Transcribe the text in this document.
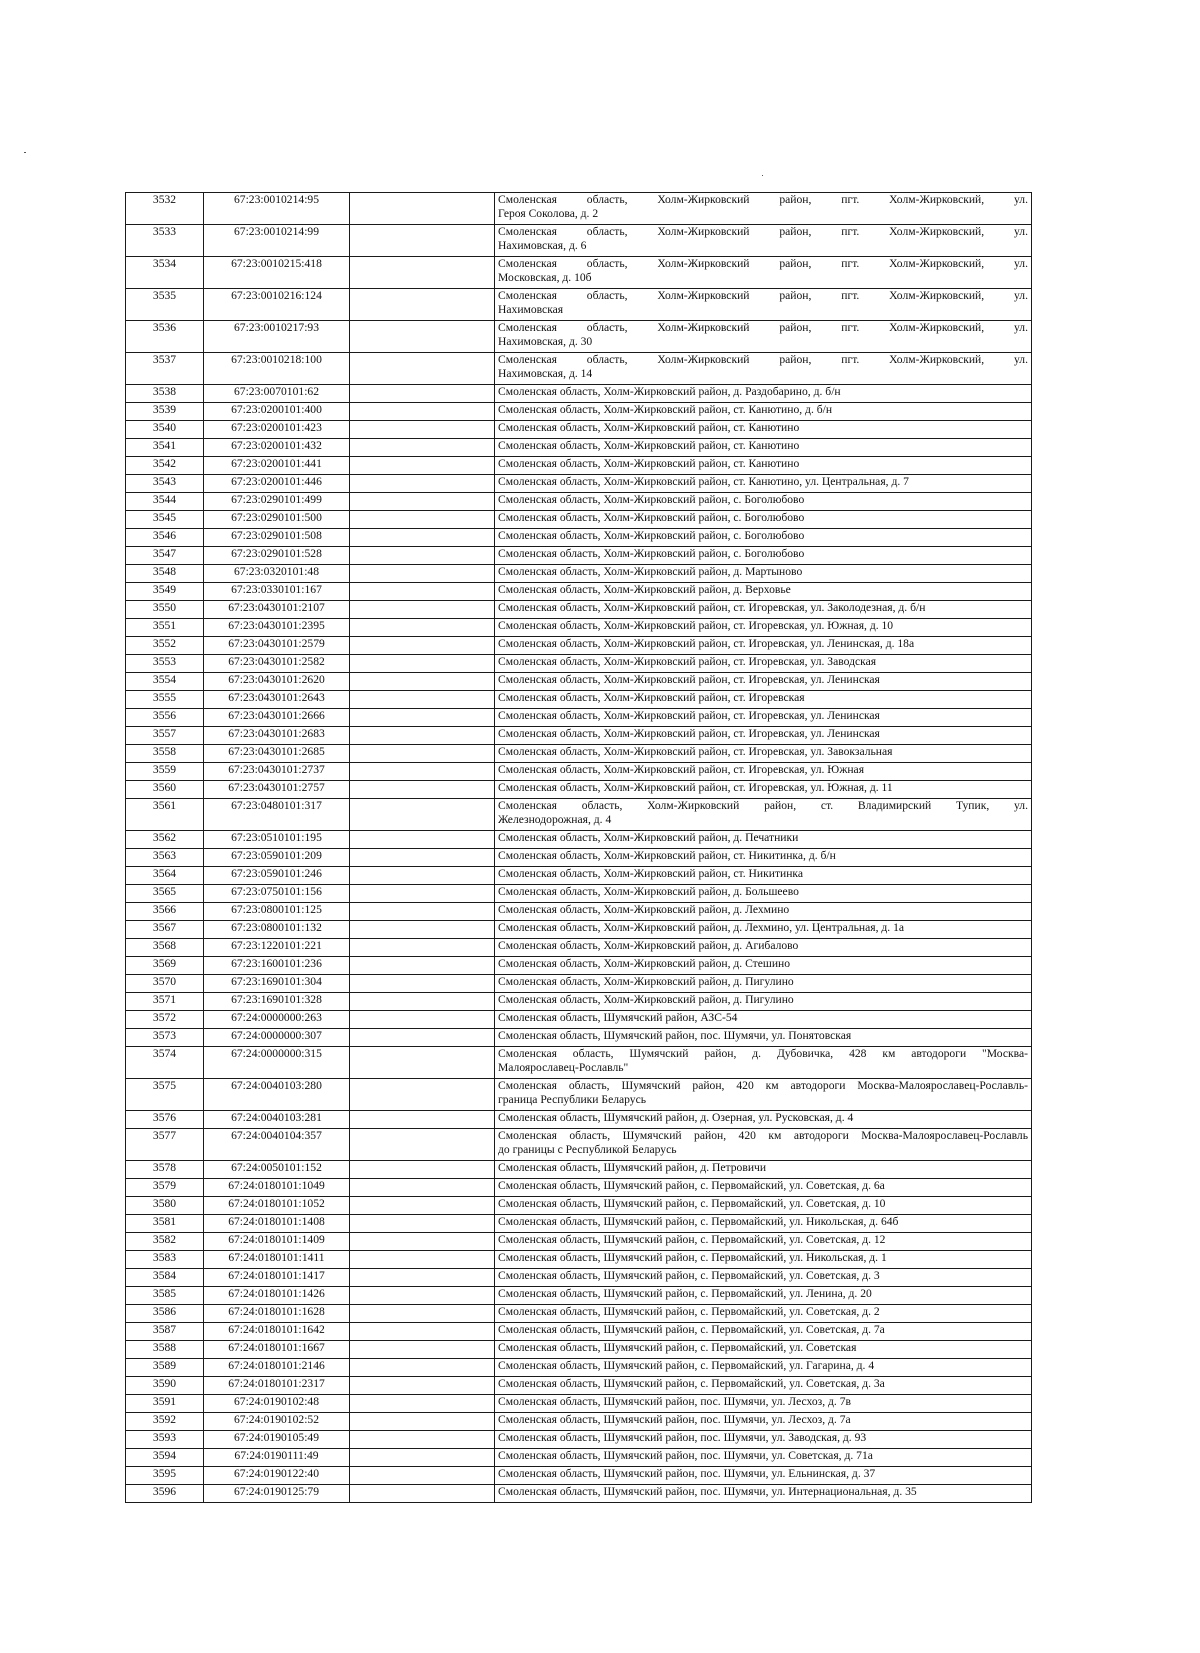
3532	67:23:0010214:95		Смоленская область, Холм-Жирковский район, пгт. Холм-Жирковский, ул.
Героя Соколова, д. 2

3533	67:23:0010214:99		Смоленская область, Холм-Жирковский район, пгт. Холм-Жирковский, ул.
Нахимовская, д. 6

3534	67:23:0010215:418		Смоленская область, Холм-Жирковский район, пгт. Холм-Жирковский, ул.
Московская, д. 10б

3535	67:23:0010216:124		Смоленская область, Холм-Жирковский район, пгт. Холм-Жирковский, ул.
Нахимовская

3536	67:23:0010217:93		Смоленская область, Холм-Жирковский район, пгт. Холм-Жирковский, ул.
Нахимовская, д. 30

3537	67:23:0010218:100		Смоленская область, Холм-Жирковский район, пгт. Холм-Жирковский, ул.
Нахимовская, д. 14

3538	67:23:0070101:62		Смоленская область, Холм-Жирковский район, д. Раздобарино, д. б/н
3539	67:23:0200101:400		Смоленская область, Холм-Жирковский район, ст. Канютино, д. б/н
3540	67:23:0200101:423		Смоленская область, Холм-Жирковский район, ст. Канютино
3541	67:23:0200101:432		Смоленская область, Холм-Жирковский район, ст. Канютино
3542	67:23:0200101:441		Смоленская область, Холм-Жирковский район, ст. Канютино
3543	67:23:0200101:446		Смоленская область, Холм-Жирковский район, ст. Канютино, ул. Центральная, д. 7
3544	67:23:0290101:499		Смоленская область, Холм-Жирковский район, с. Боголюбово
3545	67:23:0290101:500		Смоленская область, Холм-Жирковский район, с. Боголюбово
3546	67:23:0290101:508		Смоленская область, Холм-Жирковский район, с. Боголюбово
3547	67:23:0290101:528		Смоленская область, Холм-Жирковский район, с. Боголюбово
3548	67:23:0320101:48		Смоленская область, Холм-Жирковский район, д. Мартыново
3549	67:23:0330101:167		Смоленская область, Холм-Жирковский район, д. Верховье
3550	67:23:0430101:2107		Смоленская область, Холм-Жирковский район, ст. Игоревская, ул. Заколодезная, д. б/н
3551	67:23:0430101:2395		Смоленская область, Холм-Жирковский район, ст. Игоревская, ул. Южная, д. 10
3552	67:23:0430101:2579		Смоленская область, Холм-Жирковский район, ст. Игоревская, ул. Ленинская, д. 18а
3553	67:23:0430101:2582		Смоленская область, Холм-Жирковский район, ст. Игоревская, ул. Заводская
3554	67:23:0430101:2620		Смоленская область, Холм-Жирковский район, ст. Игоревская, ул. Ленинская
3555	67:23:0430101:2643		Смоленская область, Холм-Жирковский район, ст. Игоревская
3556	67:23:0430101:2666		Смоленская область, Холм-Жирковский район, ст. Игоревская, ул. Ленинская
3557	67:23:0430101:2683		Смоленская область, Холм-Жирковский район, ст. Игоревская, ул. Ленинская
3558	67:23:0430101:2685		Смоленская область, Холм-Жирковский район, ст. Игоревская, ул. Завокзальная
3559	67:23:0430101:2737		Смоленская область, Холм-Жирковский район, ст. Игоревская, ул. Южная
3560	67:23:0430101:2757		Смоленская область, Холм-Жирковский район, ст. Игоревская, ул. Южная, д. 11
3561	67:23:0480101:317		Смоленская область, Холм-Жирковский район, ст. Владимирский Тупик, ул.
Железнодорожная, д. 4

3562	67:23:0510101:195		Смоленская область, Холм-Жирковский район, д. Печатники
3563	67:23:0590101:209		Смоленская область, Холм-Жирковский район, ст. Никитинка, д. б/н
3564	67:23:0590101:246		Смоленская область, Холм-Жирковский район, ст. Никитинка
3565	67:23:0750101:156		Смоленская область, Холм-Жирковский район, д. Большеево
3566	67:23:0800101:125		Смоленская область, Холм-Жирковский район, д. Лехмино
3567	67:23:0800101:132		Смоленская область, Холм-Жирковский район, д. Лехмино, ул. Центральная, д. 1а
3568	67:23:1220101:221		Смоленская область, Холм-Жирковский район, д. Агибалово
3569	67:23:1600101:236		Смоленская область, Холм-Жирковский район, д. Стешино
3570	67:23:1690101:304		Смоленская область, Холм-Жирковский район, д. Пигулино
3571	67:23:1690101:328		Смоленская область, Холм-Жирковский район, д. Пигулино
3572	67:24:0000000:263		Смоленская область, Шумячский район, АЗС-54
3573	67:24:0000000:307		Смоленская область, Шумячский район, пос. Шумячи, ул. Понятовская
3574	67:24:0000000:315		Смоленская область, Шумячский район, д. Дубовичка, 428 км автодороги "Москва-
Малоярославец-Рославль"

3575	67:24:0040103:280		Смоленская область, Шумячский район, 420 км автодороги Москва-Малоярославец-Рославль-
граница Республики Беларусь

3576	67:24:0040103:281		Смоленская область, Шумячский район, д. Озерная, ул. Русковская, д. 4
3577	67:24:0040104:357		Смоленская область, Шумячский район, 420 км автодороги Москва-Малоярославец-Рославль
до границы с Республикой Беларусь

3578	67:24:0050101:152		Смоленская область, Шумячский район, д. Петровичи
3579	67:24:0180101:1049		Смоленская область, Шумячский район, с. Первомайский, ул. Советская, д. 6а
3580	67:24:0180101:1052		Смоленская область, Шумячский район, с. Первомайский, ул. Советская, д. 10
3581	67:24:0180101:1408		Смоленская область, Шумячский район, с. Первомайский, ул. Никольская, д. 64б
3582	67:24:0180101:1409		Смоленская область, Шумячский район, с. Первомайский, ул. Советская, д. 12
3583	67:24:0180101:1411		Смоленская область, Шумячский район, с. Первомайский, ул. Никольская, д. 1
3584	67:24:0180101:1417		Смоленская область, Шумячский район, с. Первомайский, ул. Советская, д. 3
3585	67:24:0180101:1426		Смоленская область, Шумячский район, с. Первомайский, ул. Ленина, д. 20
3586	67:24:0180101:1628		Смоленская область, Шумячский район, с. Первомайский, ул. Советская, д. 2
3587	67:24:0180101:1642		Смоленская область, Шумячский район, с. Первомайский, ул. Советская, д. 7а
3588	67:24:0180101:1667		Смоленская область, Шумячский район, с. Первомайский, ул. Советская
3589	67:24:0180101:2146		Смоленская область, Шумячский район, с. Первомайский, ул. Гагарина, д. 4
3590	67:24:0180101:2317		Смоленская область, Шумячский район, с. Первомайский, ул. Советская, д. 3а
3591	67:24:0190102:48		Смоленская область, Шумячский район, пос. Шумячи, ул. Лесхоз, д. 7в
3592	67:24:0190102:52		Смоленская область, Шумячский район, пос. Шумячи, ул. Лесхоз, д. 7а
3593	67:24:0190105:49		Смоленская область, Шумячский район, пос. Шумячи, ул. Заводская, д. 93
3594	67:24:0190111:49		Смоленская область, Шумячский район, пос. Шумячи, ул. Советская, д. 71а
3595	67:24:0190122:40		Смоленская область, Шумячский район, пос. Шумячи, ул. Ельнинская, д. 37
3596	67:24:0190125:79		Смоленская область, Шумячский район, пос. Шумячи, ул. Интернациональная, д. 35
